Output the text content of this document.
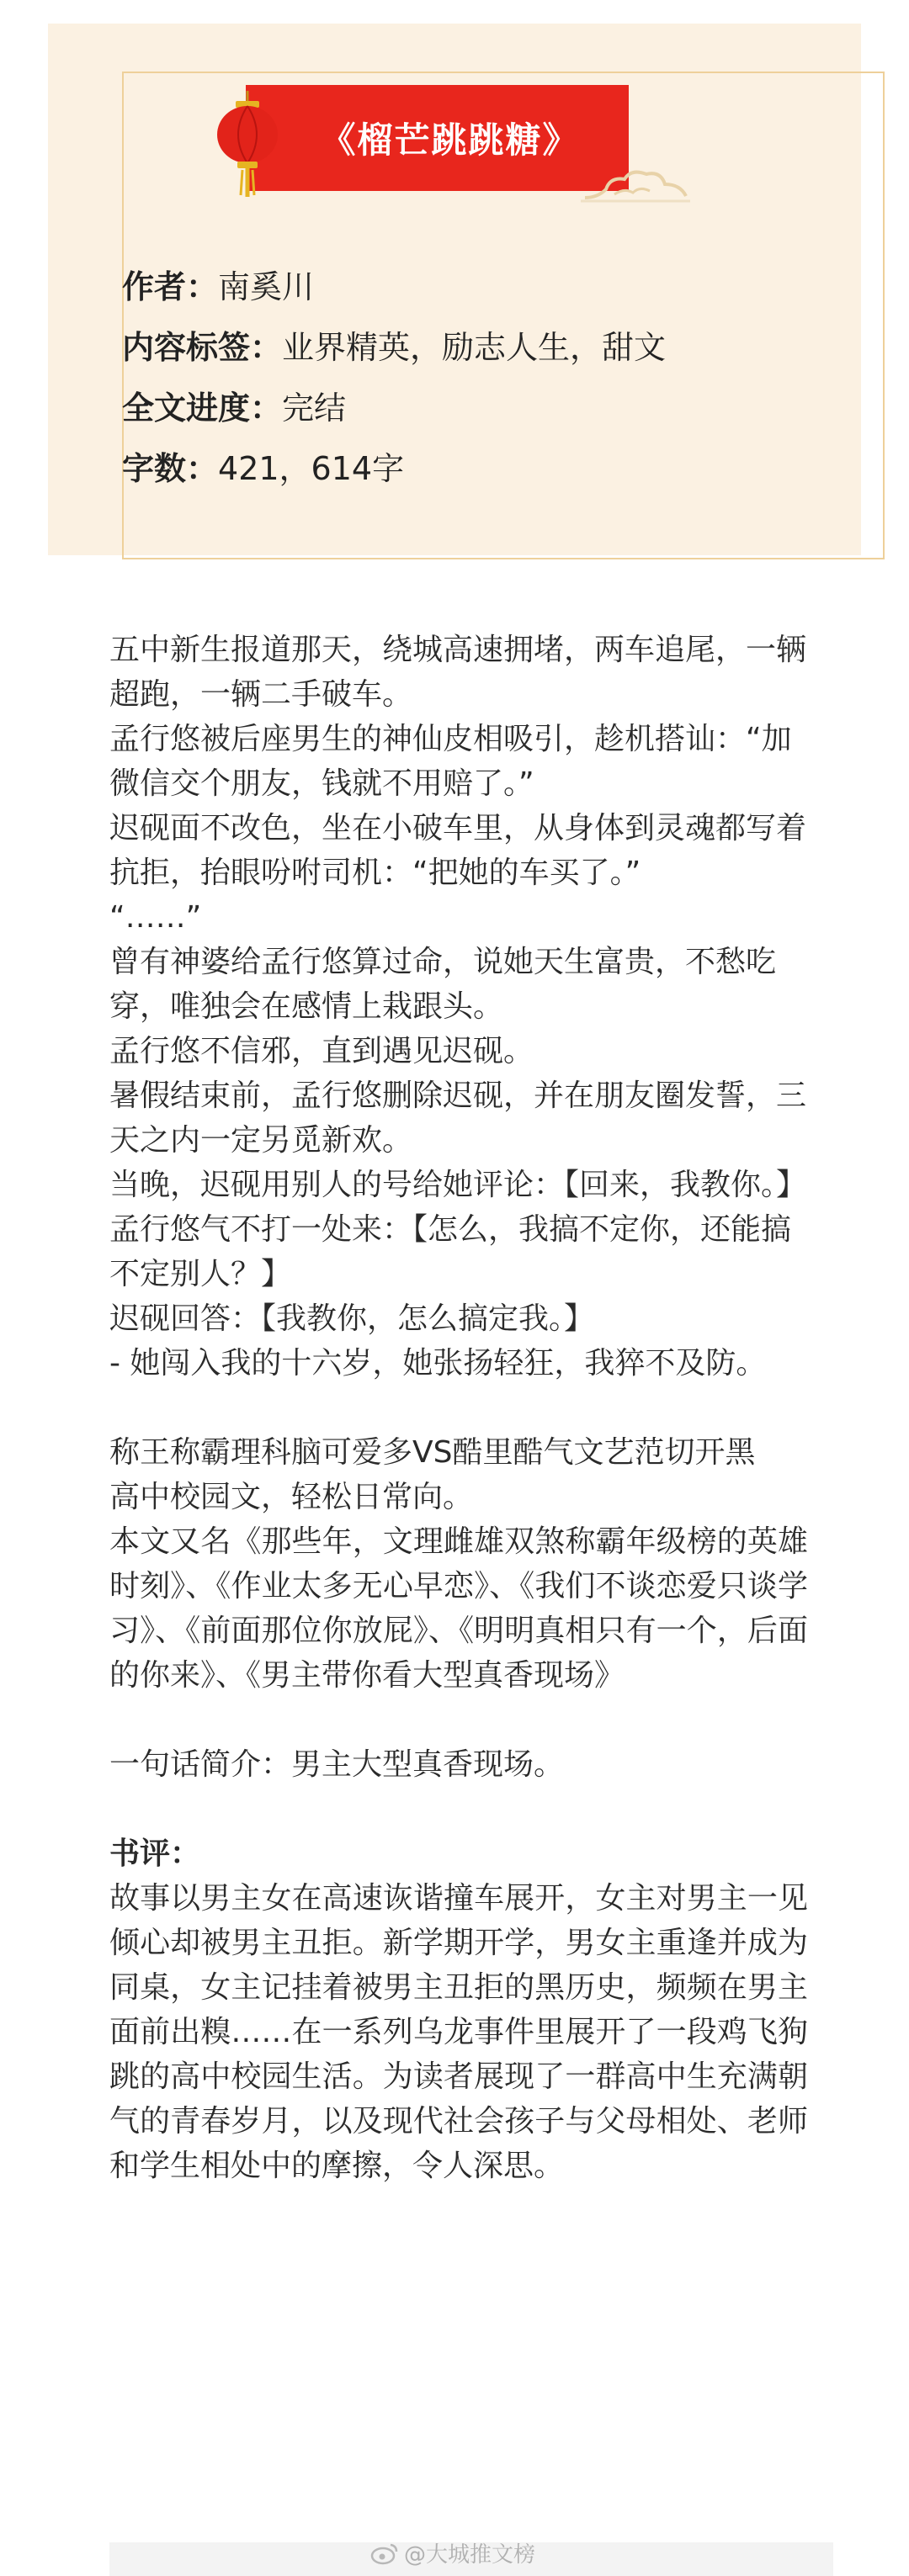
《榴芒跳跳糖》
作者：南奚川
内容标签：业界精英，励志人生，甜文
全文进度：完结
字数：421，614字

五中新生报道那天，绕城高速拥堵，两车追尾，一辆超跑，一辆二手破车。

孟行悠被后座男生的神仙皮相吸引，趁机搭讪：“加微信交个朋友，钱就不用赔了。”

迟砚面不改色，坐在小破车里，从身体到灵魂都写着抗拒，抬眼吩咐司机：“把她的车买了。”

“……”

曾有神婆给孟行悠算过命，说她天生富贵，不愁吃穿，唯独会在感情上栽跟头。

孟行悠不信邪，直到遇见迟砚。

暑假结束前，孟行悠删除迟砚，并在朋友圈发誓，三天之内一定另觅新欢。

当晚，迟砚用别人的号给她评论：【回来，我教你。】

孟行悠气不打一处来：【怎么，我搞不定你，还能搞不定别人？】

迟砚回答：【我教你，怎么搞定我。】

- 她闯入我的十六岁，她张扬轻狂，我猝不及防。

称王称霸理科脑可爱多VS酷里酷气文艺范切开黑

高中校园文，轻松日常向。

本文又名《那些年，文理雌雄双煞称霸年级榜的英雄时刻》、《作业太多无心早恋》、《我们不谈恋爱只谈学习》、《前面那位你放屁》、《明明真相只有一个，后面的你来》、《男主带你看大型真香现场》

一句话简介：男主大型真香现场。

书评：

故事以男主女在高速诙谐撞车展开，女主对男主一见倾心却被男主丑拒。新学期开学，男女主重逢并成为同桌，女主记挂着被男主丑拒的黑历史，频频在男主面前出糗……在一系列乌龙事件里展开了一段鸡飞狗跳的高中校园生活。为读者展现了一群高中生充满朝气的青春岁月，以及现代社会孩子与父母相处、老师和学生相处中的摩擦，令人深思。

@大城推文榜
